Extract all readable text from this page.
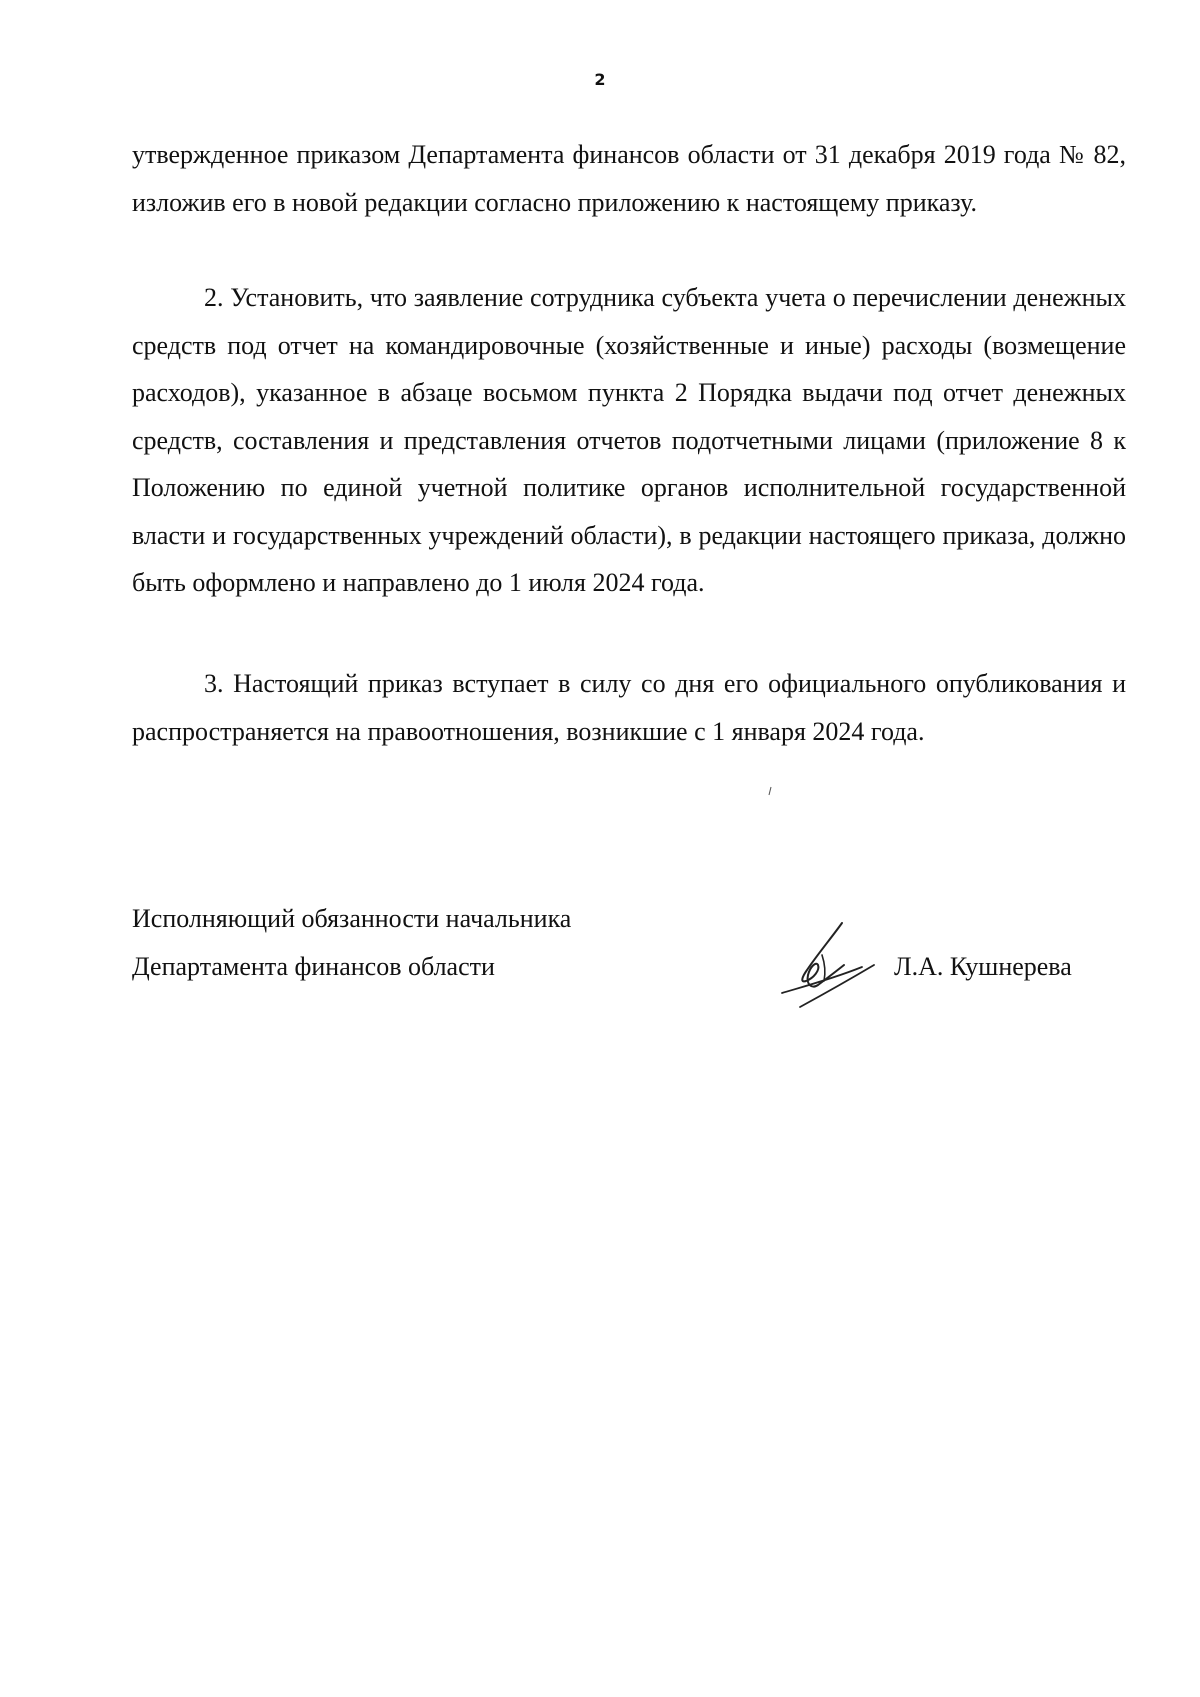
2

утвержденное приказом Департамента финансов области от 31 декабря 2019 года № 82, изложив его в новой редакции согласно приложению к настоящему приказу.

2. Установить, что заявление сотрудника субъекта учета о перечислении денежных средств под отчет на командировочные (хозяйственные и иные) расходы (возмещение расходов), указанное в абзаце восьмом пункта 2 Порядка выдачи под отчет денежных средств, составления и представления отчетов подотчетными лицами (приложение 8 к Положению по единой учетной политике органов исполнительной государственной власти и государственных учреждений области), в редакции настоящего приказа, должно быть оформлено и направлено до 1 июля 2024 года.

3. Настоящий приказ вступает в силу со дня его официального опубликования и распространяется на правоотношения, возникшие с 1 января 2024 года.

Исполняющий обязанности начальника
Департамента финансов области	Л.А. Кушнерева
